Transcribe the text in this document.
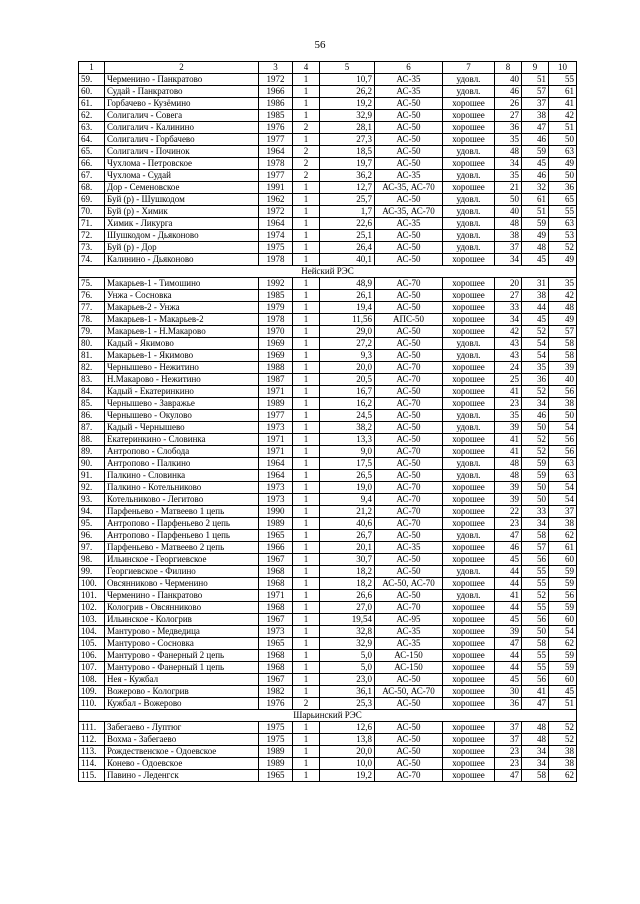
56
1	2	3	4	5	6	7	8	9	10
59.	Черменино - Панкратово	1972	1	10,7	АС-35	удовл.	40	51	55
60.	Судай - Панкратово	1966	1	26,2	АС-35	удовл.	46	57	61
61.	Горбачево - Кузёмино	1986	1	19,2	АС-50	хорошее	26	37	41
62.	Солигалич - Совега	1985	1	32,9	АС-50	хорошее	27	38	42
63.	Солигалич - Калинино	1976	2	28,1	АС-50	хорошее	36	47	51
64.	Солигалич - Горбачево	1977	1	27,3	АС-50	хорошее	35	46	50
65.	Солигалич - Починок	1964	2	18,5	АС-50	удовл.	48	59	63
66.	Чухлома - Петровское	1978	2	19,7	АС-50	хорошее	34	45	49
67.	Чухлома - Судай	1977	2	36,2	АС-35	удовл.	35	46	50
68.	Дор - Семеновское	1991	1	12,7	АС-35, АС-70	хорошее	21	32	36
69.	Буй (р) - Шушкодом	1962	1	25,7	АС-50	удовл.	50	61	65
70.	Буй (р) - Химик	1972	1	1,7	АС-35, АС-70	удовл.	40	51	55
71.	Химик - Ликурга	1964	1	22,6	АС-35	удовл.	48	59	63
72.	Шушкодом - Дьяконово	1974	1	25,1	АС-50	удовл.	38	49	53
73.	Буй (р) - Дор	1975	1	26,4	АС-50	удовл.	37	48	52
74.	Калинино - Дьяконово	1978	1	40,1	АС-50	хорошее	34	45	49
Нейский РЭС									
75.	Макарьев-1 - Тимошино	1992	1	48,9	АС-70	хорошее	20	31	35
76.	Унжа - Сосновка	1985	1	26,1	АС-50	хорошее	27	38	42
77.	Макарьев-2 - Унжа	1979	1	19,4	АС-50	хорошее	33	44	48
78.	Макарьев-1 - Макарьев-2	1978	1	11,56	АПС-50	хорошее	34	45	49
79.	Макарьев-1 - Н.Макарово	1970	1	29,0	АС-50	хорошее	42	52	57
80.	Кадый - Якимово	1969	1	27,2	АС-50	удовл.	43	54	58
81.	Макарьев-1 - Якимово	1969	1	9,3	АС-50	удовл.	43	54	58
82.	Чернышево - Нежитино	1988	1	20,0	АС-70	хорошее	24	35	39
83.	Н.Макарово - Нежитино	1987	1	20,5	АС-70	хорошее	25	36	40
84.	Кадый - Екатеринкино	1971	1	16,7	АС-50	хорошее	41	52	56
85.	Чернышево - Завражье	1989	1	16,2	АС-70	хорошее	23	34	38
86.	Чернышево - Окулово	1977	1	24,5	АС-50	удовл.	35	46	50
87.	Кадый - Чернышево	1973	1	38,2	АС-50	удовл.	39	50	54
88.	Екатеринкино - Словинка	1971	1	13,3	АС-50	хорошее	41	52	56
89.	Антропово - Слобода	1971	1	9,0	АС-70	хорошее	41	52	56
90.	Антропово - Палкино	1964	1	17,5	АС-50	удовл.	48	59	63
91.	Палкино - Словинка	1964	1	26,5	АС-50	удовл.	48	59	63
92.	Палкино - Котельниково	1973	1	19,0	АС-70	хорошее	39	50	54
93.	Котельниково - Легитово	1973	1	9,4	АС-70	хорошее	39	50	54
94.	Парфеньево - Матвеево 1 цепь	1990	1	21,2	АС-70	хорошее	22	33	37
95.	Антропово - Парфеньево 2 цепь	1989	1	40,6	АС-70	хорошее	23	34	38
96.	Антропово - Парфеньево 1 цепь	1965	1	26,7	АС-50	удовл.	47	58	62
97.	Парфеньево - Матвеево 2 цепь	1966	1	20,1	АС-35	хорошее	46	57	61
98.	Ильинское - Георгиевское	1967	1	30,7	АС-50	хорошее	45	56	60
99.	Георгиевское - Филино	1968	1	18,2	АС-50	удовл.	44	55	59
100.	Овсянниково - Черменино	1968	1	18,2	АС-50, АС-70	хорошее	44	55	59
101.	Черменино - Панкратово	1971	1	26,6	АС-50	удовл.	41	52	56
102.	Кологрив - Овсянниково	1968	1	27,0	АС-70	хорошее	44	55	59
103.	Ильинское - Кологрив	1967	1	19,54	АС-95	хорошее	45	56	60
104.	Мантурово - Медведица	1973	1	32,8	АС-35	хорошее	39	50	54
105.	Мантурово - Сосновка	1965	1	32,9	АС-35	хорошее	47	58	62
106.	Мантурово - Фанерный 2 цепь	1968	1	5,0	АС-150	хорошее	44	55	59
107.	Мантурово - Фанерный 1 цепь	1968	1	5,0	АС-150	хорошее	44	55	59
108.	Нея - Кужбал	1967	1	23,0	АС-50	хорошее	45	56	60
109.	Вожерово - Кологрив	1982	1	36,1	АС-50, АС-70	хорошее	30	41	45
110.	Кужбал - Вожерово	1976	2	25,3	АС-50	хорошее	36	47	51
Шарьинский РЭС									
111.	Забегаево - Луптюг	1975	1	12,6	АС-50	хорошее	37	48	52
112.	Вохма - Забегаево	1975	1	13,8	АС-50	хорошее	37	48	52
113.	Рождественское - Одоевское	1989	1	20,0	АС-50	хорошее	23	34	38
114.	Конево - Одоевское	1989	1	10,0	АС-50	хорошее	23	34	38
115.	Павино - Леденгск	1965	1	19,2	АС-70	хорошее	47	58	62
